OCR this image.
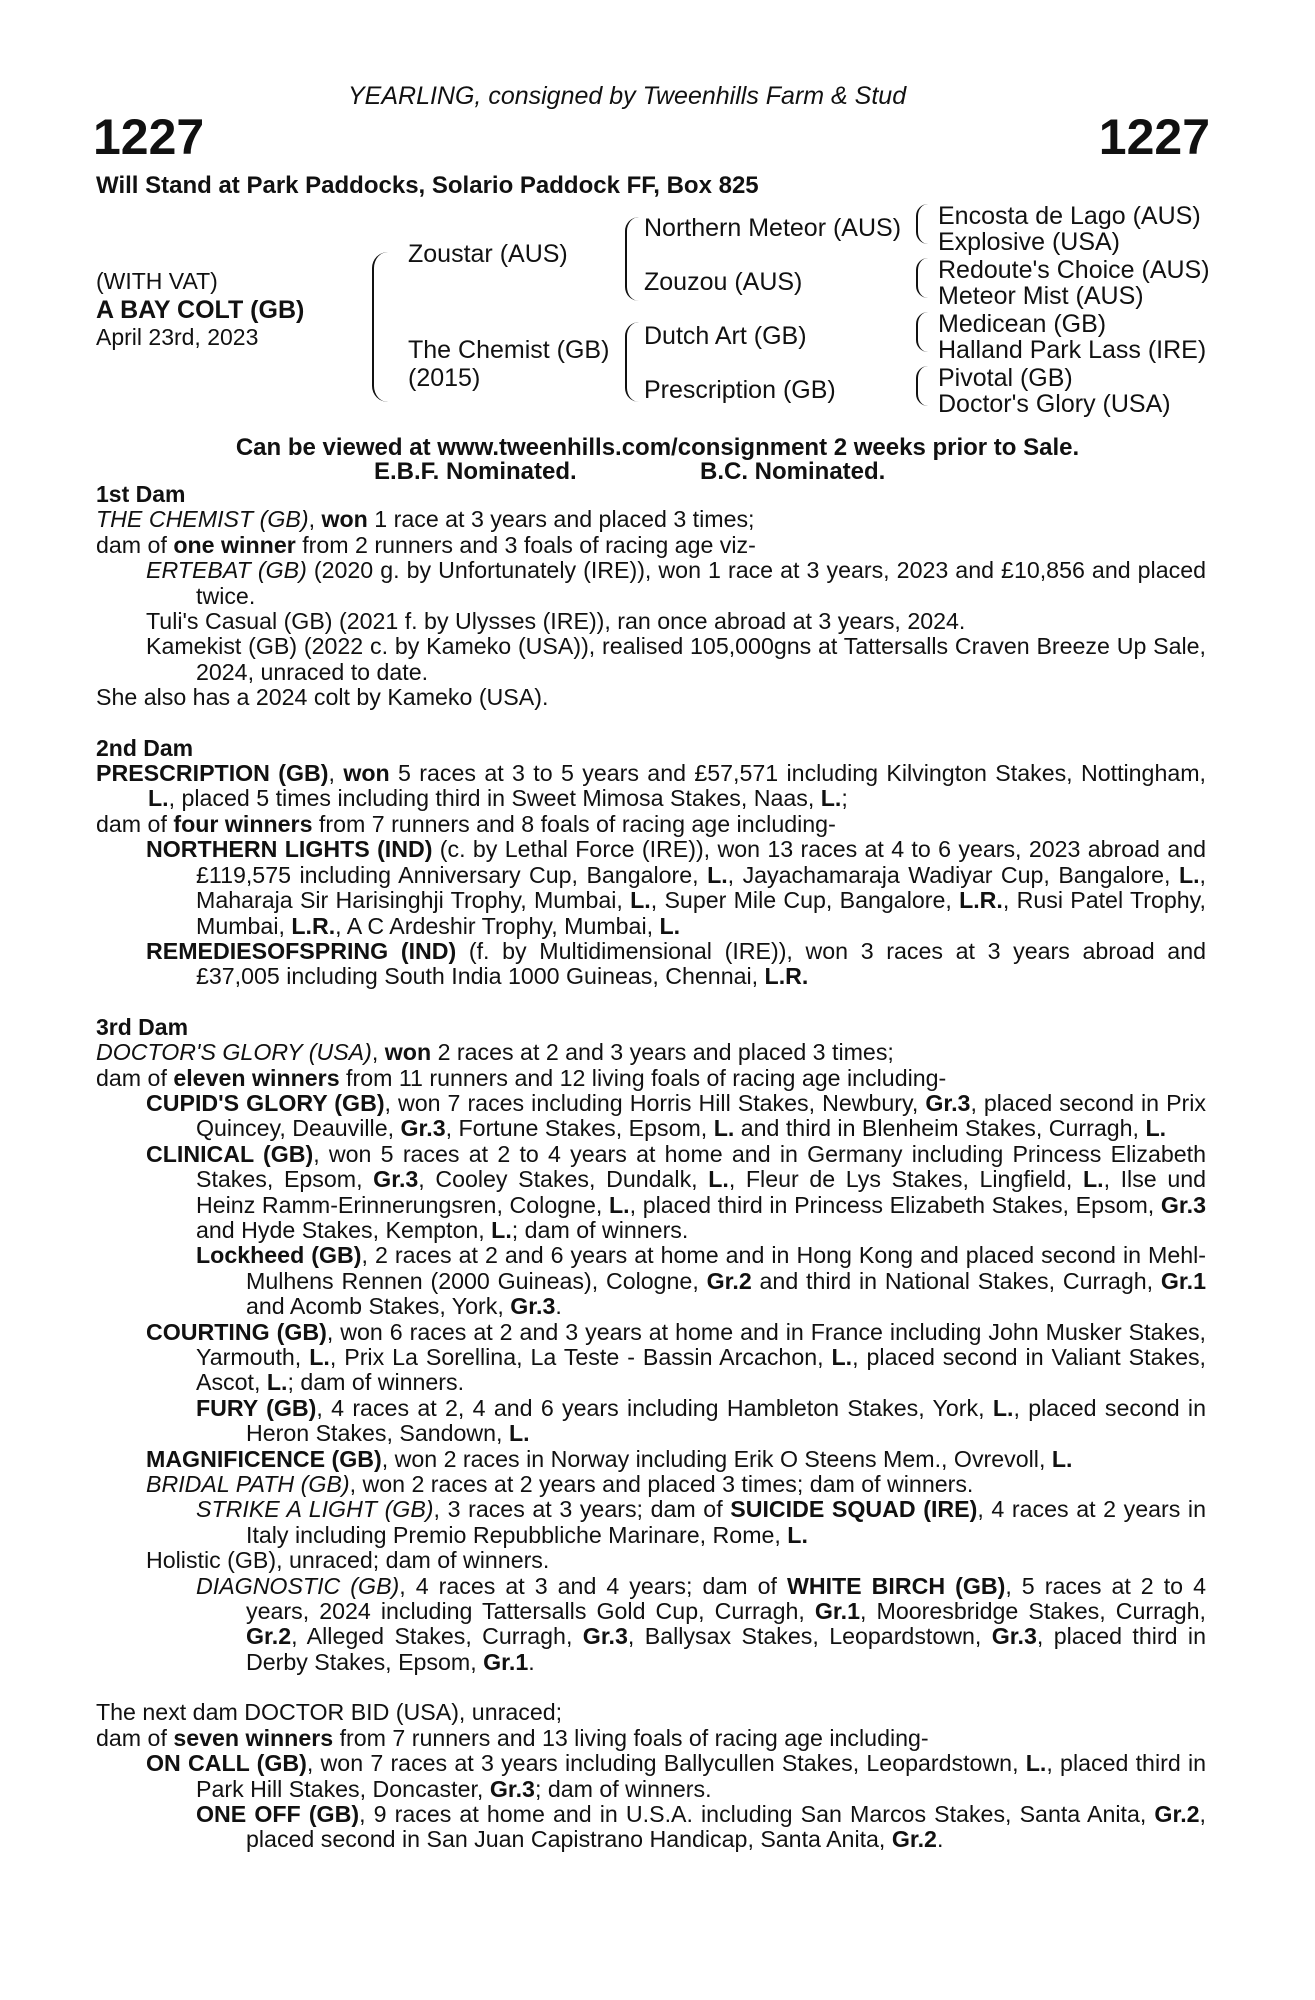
YEARLING, consigned by Tweenhills Farm & Stud
1227	1227
Will Stand at Park Paddocks, Solario Paddock FF, Box 825
(WITH VAT)
A BAY COLT (GB)
April 23rd, 2023
Zoustar (AUS)
The Chemist (GB)
(2015)
Northern Meteor (AUS)
Zouzou (AUS)
Dutch Art (GB)
Prescription (GB)
Encosta de Lago (AUS)
Explosive (USA)
Redoute's Choice (AUS)
Meteor Mist (AUS)
Medicean (GB)
Halland Park Lass (IRE)
Pivotal (GB)
Doctor's Glory (USA)
Can be viewed at www.tweenhills.com/consignment 2 weeks prior to Sale.
E.B.F. Nominated.	B.C. Nominated.
1st Dam
THE CHEMIST (GB), won 1 race at 3 years and placed 3 times;
dam of one winner from 2 runners and 3 foals of racing age viz-
ERTEBAT (GB) (2020 g. by Unfortunately (IRE)), won 1 race at 3 years, 2023 and £10,856 and placed twice.
Tuli's Casual (GB) (2021 f. by Ulysses (IRE)), ran once abroad at 3 years, 2024.
Kamekist (GB) (2022 c. by Kameko (USA)), realised 105,000gns at Tattersalls Craven Breeze Up Sale, 2024, unraced to date.
She also has a 2024 colt by Kameko (USA).
2nd Dam
PRESCRIPTION (GB), won 5 races at 3 to 5 years and £57,571 including Kilvington Stakes, Nottingham, L., placed 5 times including third in Sweet Mimosa Stakes, Naas, L.;
dam of four winners from 7 runners and 8 foals of racing age including-
NORTHERN LIGHTS (IND) (c. by Lethal Force (IRE)), won 13 races at 4 to 6 years, 2023 abroad and £119,575 including Anniversary Cup, Bangalore, L., Jayachamaraja Wadiyar Cup, Bangalore, L., Maharaja Sir Harisinghji Trophy, Mumbai, L., Super Mile Cup, Bangalore, L.R., Rusi Patel Trophy, Mumbai, L.R., A C Ardeshir Trophy, Mumbai, L.
REMEDIESOFSPRING (IND) (f. by Multidimensional (IRE)), won 3 races at 3 years abroad and £37,005 including South India 1000 Guineas, Chennai, L.R.
3rd Dam
DOCTOR'S GLORY (USA), won 2 races at 2 and 3 years and placed 3 times;
dam of eleven winners from 11 runners and 12 living foals of racing age including-
CUPID'S GLORY (GB), won 7 races including Horris Hill Stakes, Newbury, Gr.3, placed second in Prix Quincey, Deauville, Gr.3, Fortune Stakes, Epsom, L. and third in Blenheim Stakes, Curragh, L.
CLINICAL (GB), won 5 races at 2 to 4 years at home and in Germany including Princess Elizabeth Stakes, Epsom, Gr.3, Cooley Stakes, Dundalk, L., Fleur de Lys Stakes, Lingfield, L., Ilse und Heinz Ramm-Erinnerungsren, Cologne, L., placed third in Princess Elizabeth Stakes, Epsom, Gr.3 and Hyde Stakes, Kempton, L.; dam of winners.
Lockheed (GB), 2 races at 2 and 6 years at home and in Hong Kong and placed second in Mehl-Mulhens Rennen (2000 Guineas), Cologne, Gr.2 and third in National Stakes, Curragh, Gr.1 and Acomb Stakes, York, Gr.3.
COURTING (GB), won 6 races at 2 and 3 years at home and in France including John Musker Stakes, Yarmouth, L., Prix La Sorellina, La Teste - Bassin Arcachon, L., placed second in Valiant Stakes, Ascot, L.; dam of winners.
FURY (GB), 4 races at 2, 4 and 6 years including Hambleton Stakes, York, L., placed second in Heron Stakes, Sandown, L.
MAGNIFICENCE (GB), won 2 races in Norway including Erik O Steens Mem., Ovrevoll, L.
BRIDAL PATH (GB), won 2 races at 2 years and placed 3 times; dam of winners.
STRIKE A LIGHT (GB), 3 races at 3 years; dam of SUICIDE SQUAD (IRE), 4 races at 2 years in Italy including Premio Repubbliche Marinare, Rome, L.
Holistic (GB), unraced; dam of winners.
DIAGNOSTIC (GB), 4 races at 3 and 4 years; dam of WHITE BIRCH (GB), 5 races at 2 to 4 years, 2024 including Tattersalls Gold Cup, Curragh, Gr.1, Mooresbridge Stakes, Curragh, Gr.2, Alleged Stakes, Curragh, Gr.3, Ballysax Stakes, Leopardstown, Gr.3, placed third in Derby Stakes, Epsom, Gr.1.
The next dam DOCTOR BID (USA), unraced;
dam of seven winners from 7 runners and 13 living foals of racing age including-
ON CALL (GB), won 7 races at 3 years including Ballycullen Stakes, Leopardstown, L., placed third in Park Hill Stakes, Doncaster, Gr.3; dam of winners.
ONE OFF (GB), 9 races at home and in U.S.A. including San Marcos Stakes, Santa Anita, Gr.2, placed second in San Juan Capistrano Handicap, Santa Anita, Gr.2.
